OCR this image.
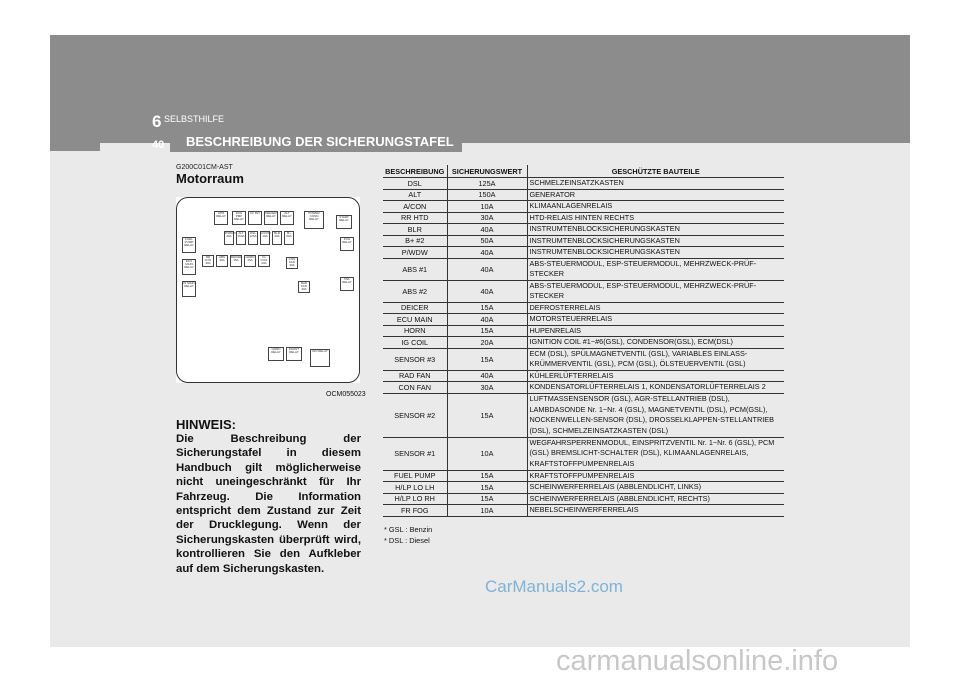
6 SELBSTHILFE
40 BESCHREIBUNG DER SICHERUNGSTAFEL
G200C01CM-AST
Motorraum
ATM RELAY
FOG PMP RELAY
AC RLY	DEICER RELAY
ALT RELAY
POWER CONN RELAY	START RELAY
FUEL PUMP RELAY
ECU MAIN RELAY
IN MAIN RELAY
FOG RELAY
TAIL RELAY
HORN RELAY
FRONT RELAY	IGN RELAY
P/WDW 40A
ALT 150A
DSL 125A
A/CON 10A
BLR 40A
B+ 50A
RR HTD 30A
ABS 40A
DEICER 15A
HORN 15A
IG COIL 20A
CON FAN 30A
RAD FAN 40A
OCM055023
HINWEIS:
Die Beschreibung der Sicherungstafel in diesem Handbuch gilt möglicherweise nicht uneingeschränkt für Ihr Fahrzeug. Die Information entspricht dem Zustand zur Zeit der Drucklegung. Wenn der Sicherungskasten überprüft wird, kontrollieren Sie den Aufkleber auf dem Sicherungskasten.
BESCHREIBUNG	SICHERUNGSWERT	GESCHÜTZTE BAUTEILE
DSL	125A	SCHMELZEINSATZKASTEN
ALT	150A	GENERATOR
A/CON	10A	KLIMAANLAGENRELAIS
RR HTD	30A	HTD-RELAIS HINTEN RECHTS
BLR	40A	INSTRUMTENBLOCKSICHERUNGSKASTEN
B+ #2	50A	INSTRUMTENBLOCKSICHERUNGSKASTEN
P/WDW	40A	INSTRUMTENBLOCKSICHERUNGSKASTEN
ABS #1	40A	ABS-STEUERMODUL, ESP-STEUERMODUL, MEHRZWECK-PRÜF-STECKER
ABS #2	40A	ABS-STEUERMODUL, ESP-STEUERMODUL, MEHRZWECK-PRÜF-STECKER
DEICER	15A	DEFROSTERRELAIS
ECU MAIN	40A	MOTORSTEUERRELAIS
HORN	15A	HUPENRELAIS
IG COIL	20A	IGNITION COIL #1~#6(GSL), CONDENSOR(GSL), ECM(DSL)
SENSOR #3	15A	ECM (DSL), SPÜLMAGNETVENTIL (GSL), VARIABLES EINLASS-KRÜMMERVENTIL (GSL), PCM (GSL), ÖLSTEUERVENTIL (GSL)
RAD FAN	40A	KÜHLERLÜFTERRELAIS
CON FAN	30A	KONDENSATORLÜFTERRELAIS 1, KONDENSATORLÜFTERRELAIS 2
SENSOR #2	15A	LUFTMASSENSENSOR (GSL), AGR-STELLANTRIEB (DSL), LAMBDASONDE Nr. 1~Nr. 4 (GSL), MAGNETVENTIL (DSL), PCM(GSL), NOCKENWELLEN-SENSOR (DSL), DROSSELKLAPPEN-STELLANTRIEB (DSL), SCHMELZEINSATZKASTEN (DSL)
SENSOR #1	10A	WEGFAHRSPERRENMODUL, EINSPRITZVENTIL Nr. 1~Nr. 6 (GSL), PCM (GSL) BREMSLICHT-SCHALTER (DSL), KLIMAANLAGENRELAIS, KRAFTSTOFFPUMPENRELAIS
FUEL PUMP	15A	KRAFTSTOFFPUMPENRELAIS
H/LP LO LH	15A	SCHEINWERFERRELAIS (ABBLENDLICHT, LINKS)
H/LP LO RH	15A	SCHEINWERFERRELAIS (ABBLENDLICHT, RECHTS)
FR FOG	10A	NEBELSCHEINWERFERRELAIS
* GSL : Benzin
* DSL : Diesel
CarManuals2.com
carmanualsonline.info
